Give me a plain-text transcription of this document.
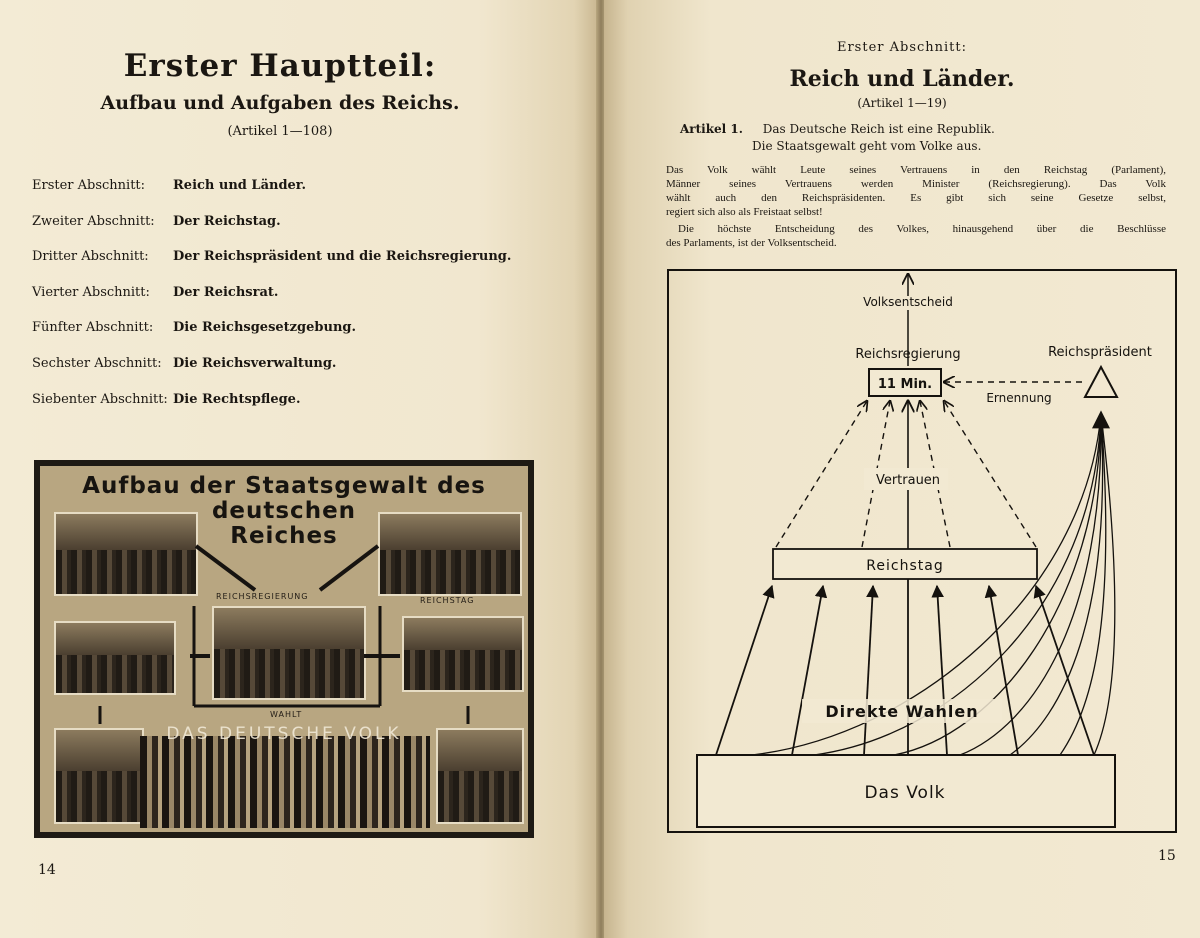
Erster Hauptteil:
Aufbau und Aufgaben des Reichs.
(Artikel 1—108)
Erster Abschnitt:	Reich und Länder.
Zweiter Abschnitt:	Der Reichstag.
Dritter Abschnitt:	Der Reichspräsident und die Reichsregierung.
Vierter Abschnitt:	Der Reichsrat.
Fünfter Abschnitt:	Die Reichsgesetzgebung.
Sechster Abschnitt: Die Reichsverwaltung.
Siebenter Abschnitt: Die Rechtspflege.
Aufbau der Staatsgewalt des
deutschen
Reiches
REICHSREGIERUNG	REICHSTAG
WAHLT
DAS DEUTSCHE VOLK
14
Erster Abschnitt:
Reich und Länder.
(Artikel 1—19)
Artikel 1. Das Deutsche Reich ist eine Republik.
Die Staatsgewalt geht vom Volke aus.
Das Volk wählt Leute seines Vertrauens in den Reichstag (Parlament),
Männer seines Vertrauens werden Minister (Reichsregierung). Das Volk
wählt auch den Reichspräsidenten. Es gibt sich seine Gesetze selbst,
regiert sich also als Freistaat selbst!
Die höchste Entscheidung des Volkes, hinausgehend über die Beschlüsse
des Parlaments, ist der Volksentscheid.
Volksentscheid
Reichsregierung	Reichspräsident
11 Min.
Ernennung
Reichstag
Vertrauen
Das Volk
Direkte Wahlen
15
